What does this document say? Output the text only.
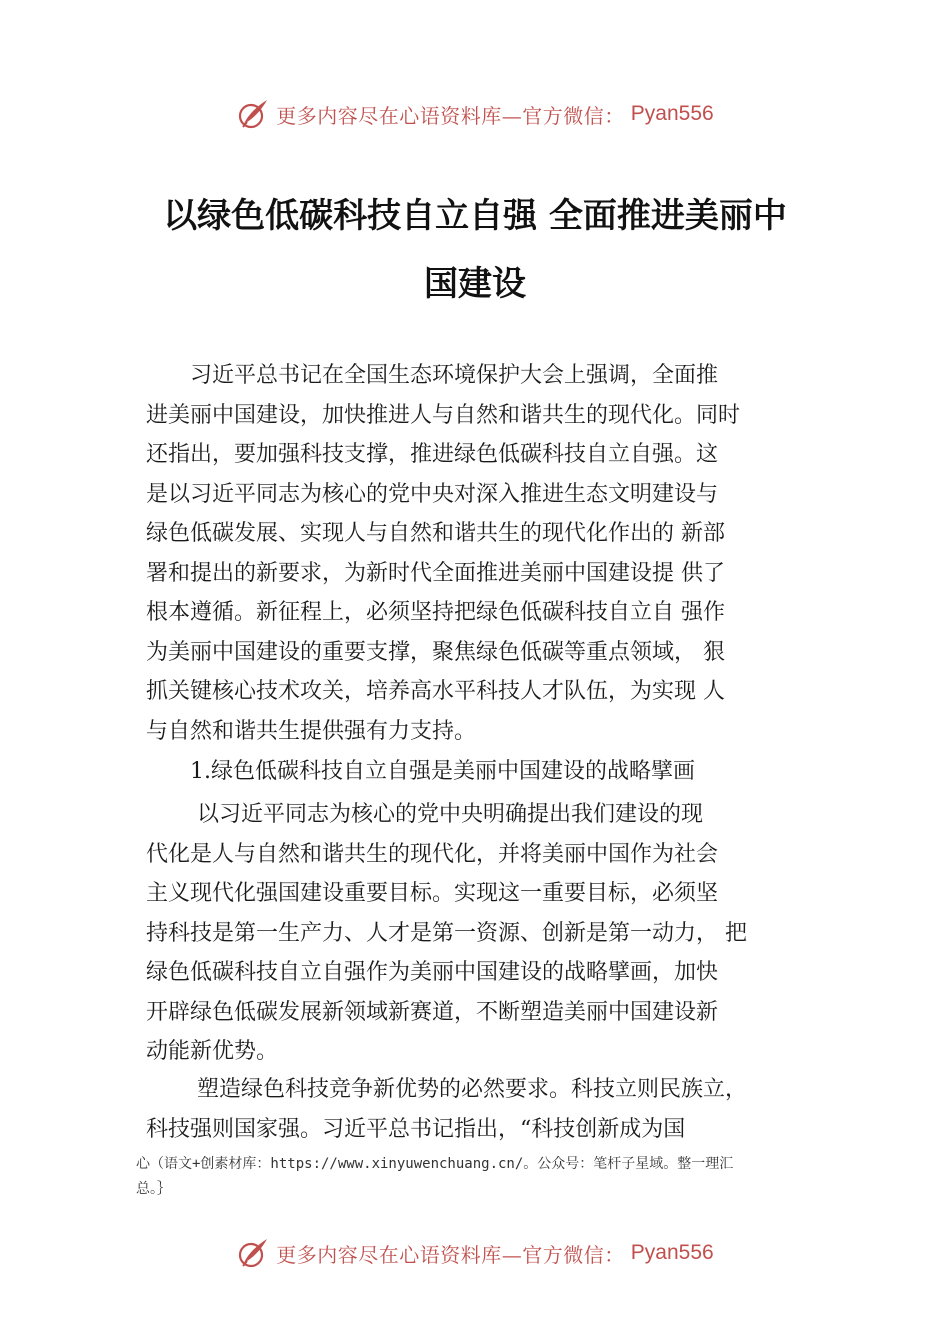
更多内容尽在心语资料库—官方微信： Pyan556
以绿色低碳科技自立自强 全面推进美丽中
国建设
　　习近平总书记在全国生态环境保护大会上强调，全面推
进美丽中国建设，加快推进人与自然和谐共生的现代化。同时
还指出，要加强科技支撑，推进绿色低碳科技自立自强。这
是以习近平同志为核心的党中央对深入推进生态文明建设与
绿色低碳发展、实现人与自然和谐共生的现代化作出的 新部
署和提出的新要求，为新时代全面推进美丽中国建设提 供了
根本遵循。新征程上，必须坚持把绿色低碳科技自立自 强作
为美丽中国建设的重要支撑，聚焦绿色低碳等重点领域， 狠
抓关键核心技术攻关，培养高水平科技人才队伍，为实现 人
与自然和谐共生提供强有力支持。
　　1.绿色低碳科技自立自强是美丽中国建设的战略擘画
　　 以习近平同志为核心的党中央明确提出我们建设的现
代化是人与自然和谐共生的现代化，并将美丽中国作为社会
主义现代化强国建设重要目标。实现这一重要目标，必须坚
持科技是第一生产力、人才是第一资源、创新是第一动力， 把
绿色低碳科技自立自强作为美丽中国建设的战略擘画，加快
开辟绿色低碳发展新领域新赛道，不断塑造美丽中国建设新
动能新优势。
　　 塑造绿色科技竞争新优势的必然要求。科技立则民族立，
科技强则国家强。习近平总书记指出，“科技创新成为国
心（语文+创素材库：https://www.xinyuwenchuang.cn/。公众号：笔杆子星域。整一理汇
总。｝
更多内容尽在心语资料库—官方微信： Pyan556
